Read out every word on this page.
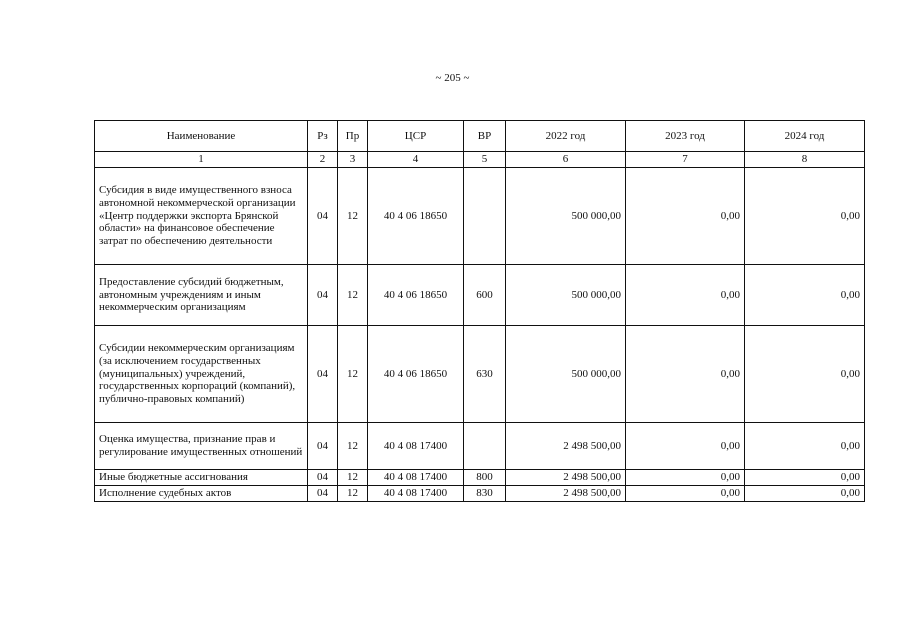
~ 205 ~
Наименование	Рз	Пр	ЦСР	ВР	2022 год	2023 год	2024 год
1	2	3	4	5	6	7	8
Субсидия в виде имущественного взноса автономной некоммерческой организации «Центр поддержки экспорта Брянской области» на финансовое обеспечение затрат по обеспечению деятельности	04	12	40 4 06 18650		500 000,00	0,00	0,00
Предоставление субсидий бюджетным, автономным учреждениям и иным некоммерческим организациям	04	12	40 4 06 18650	600	500 000,00	0,00	0,00
Субсидии некоммерческим организациям (за исключением государственных (муниципальных) учреждений, государственных корпораций (компаний), публично-правовых компаний)	04	12	40 4 06 18650	630	500 000,00	0,00	0,00
Оценка имущества, признание прав и регулирование имущественных отношений	04	12	40 4 08 17400		2 498 500,00	0,00	0,00
Иные бюджетные ассигнования	04	12	40 4 08 17400	800	2 498 500,00	0,00	0,00
Исполнение судебных актов	04	12	40 4 08 17400	830	2 498 500,00	0,00	0,00
